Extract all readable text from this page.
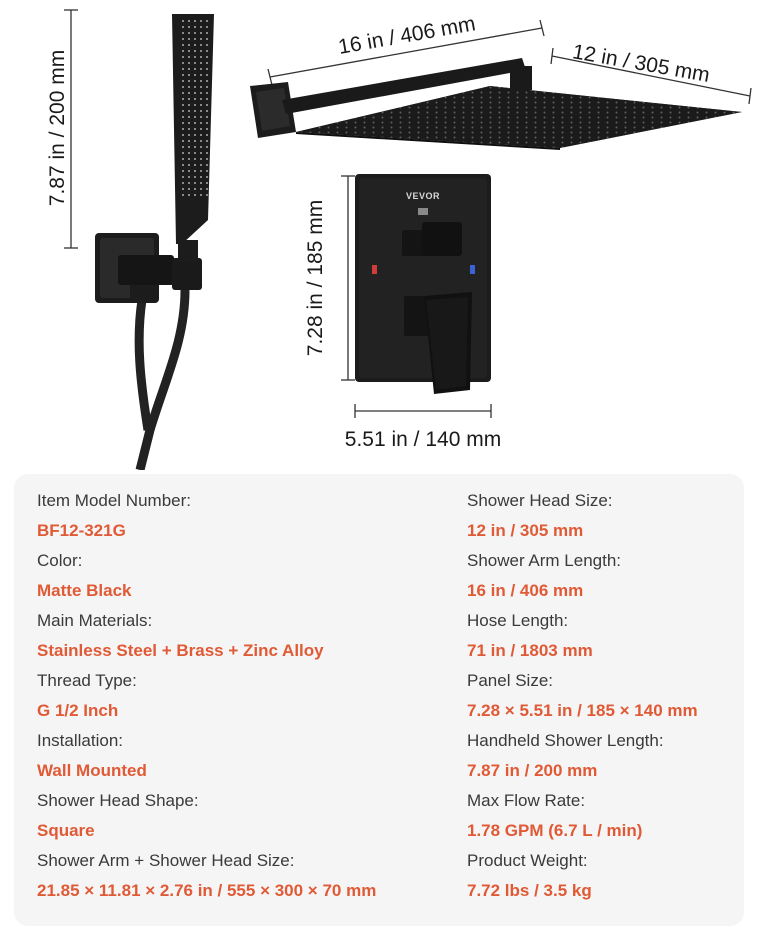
7.87 in / 200 mm
16 in / 406 mm
12 in / 305 mm
7.28 in / 185 mm
VEVOR
5.51 in / 140 mm
Item Model Number:
BF12-321G
Color:
Matte Black
Main Materials:
Stainless Steel + Brass + Zinc Alloy
Thread Type:
G 1/2 Inch
Installation:
Wall Mounted
Shower Head Shape:
Square
Shower Arm + Shower Head Size:
21.85 × 11.81 × 2.76 in / 555 × 300 × 70 mm
Shower Head Size:
12 in / 305 mm
Shower Arm Length:
16 in / 406 mm
Hose Length:
71 in / 1803 mm
Panel Size:
7.28 × 5.51 in / 185 × 140 mm
Handheld Shower Length:
7.87 in / 200 mm
Max Flow Rate:
1.78 GPM (6.7 L / min)
Product Weight:
7.72 lbs / 3.5 kg
